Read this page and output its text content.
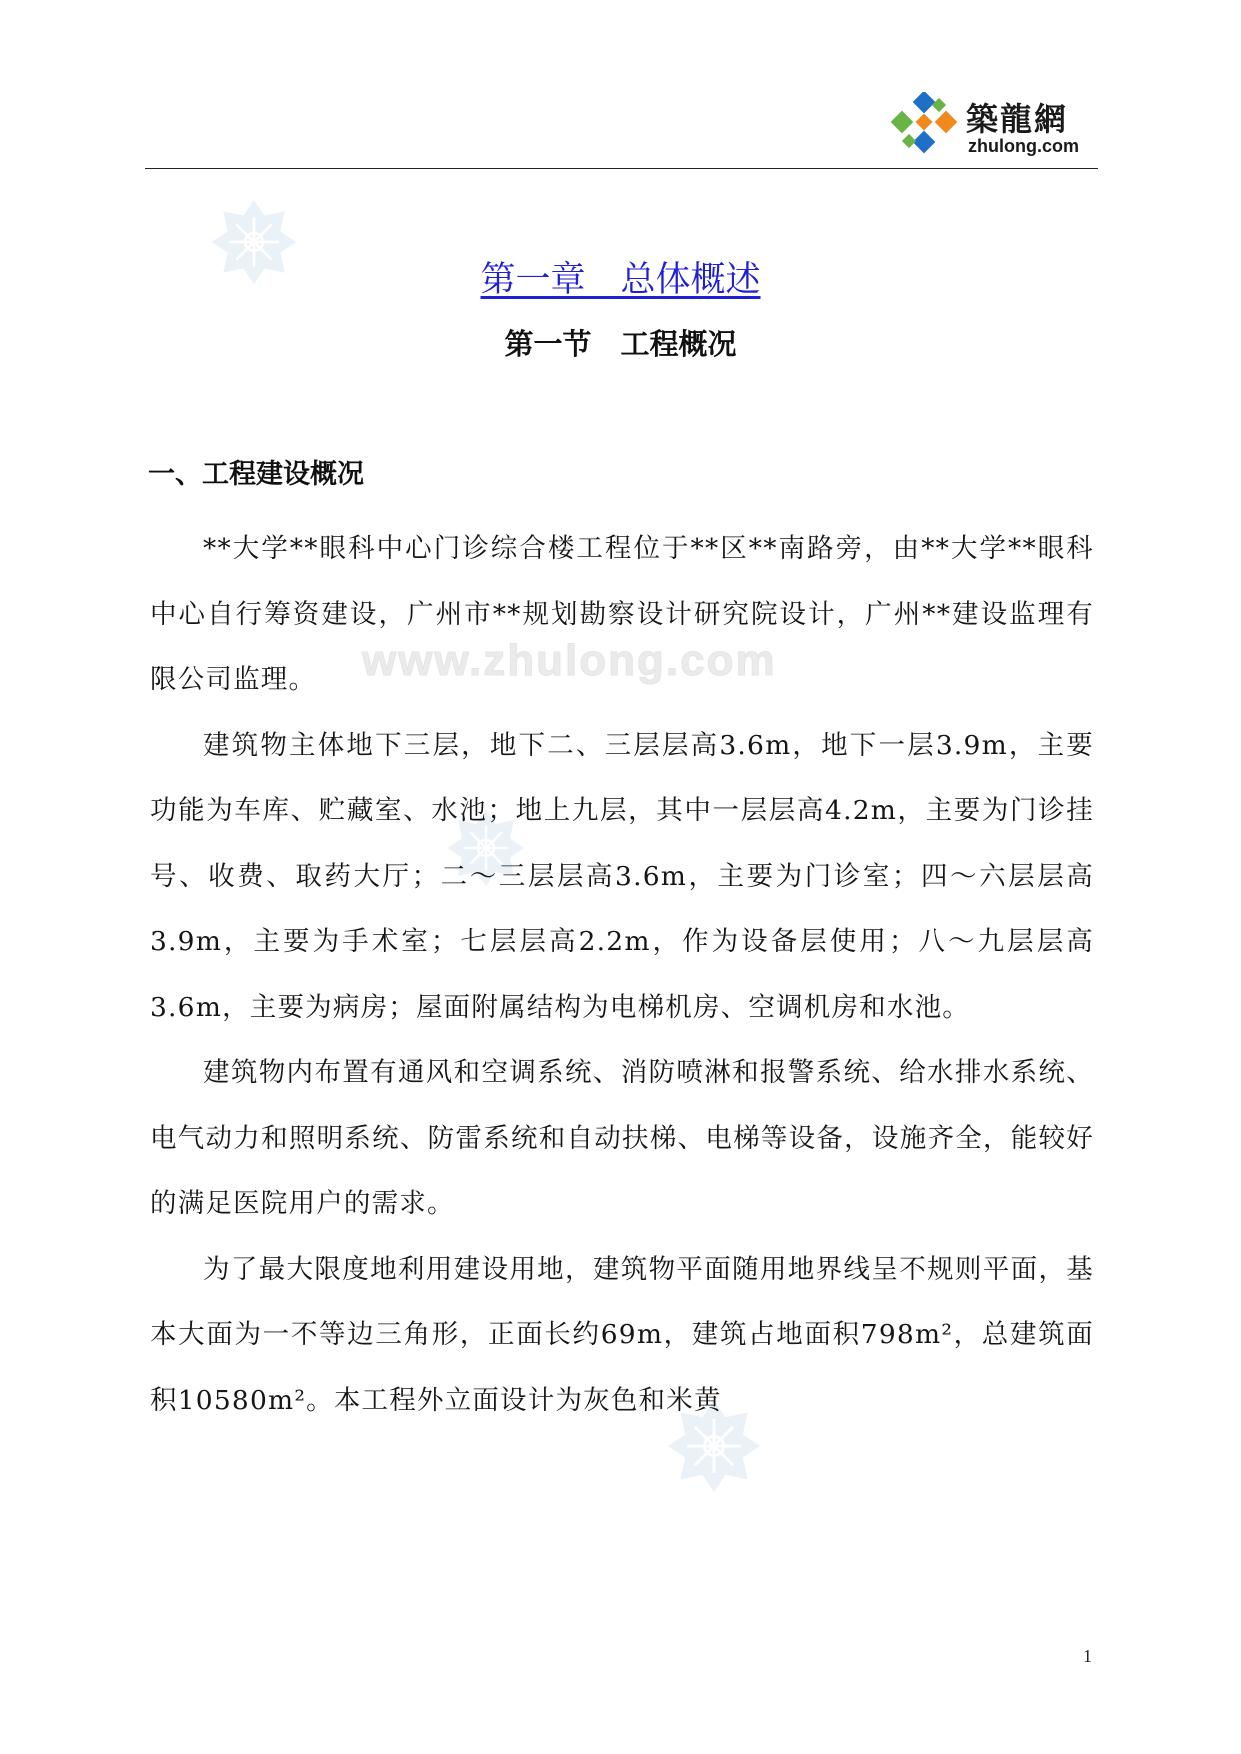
築龍網
zhulong.com
www.zhulong.com
第一章　总体概述
第一节　工程概况
一、工程建设概况

**大学**眼科中心门诊综合楼工程位于**区**南路旁，由**大学**眼科中心自行筹资建设，广州市**规划勘察设计研究院设计，广州**建设监理有限公司监理。

建筑物主体地下三层，地下二、三层层高3.6m，地下一层3.9m，主要功能为车库、贮藏室、水池；地上九层，其中一层层高4.2m，主要为门诊挂号、收费、取药大厅；二～三层层高3.6m，主要为门诊室；四～六层层高3.9m，主要为手术室；七层层高2.2m，作为设备层使用；八～九层层高3.6m，主要为病房；屋面附属结构为电梯机房、空调机房和水池。

建筑物内布置有通风和空调系统、消防喷淋和报警系统、给水排水系统、电气动力和照明系统、防雷系统和自动扶梯、电梯等设备，设施齐全，能较好的满足医院用户的需求。

为了最大限度地利用建设用地，建筑物平面随用地界线呈不规则平面，基本大面为一不等边三角形，正面长约69m，建筑占地面积798m²，总建筑面积10580m²。本工程外立面设计为灰色和米黄

1
